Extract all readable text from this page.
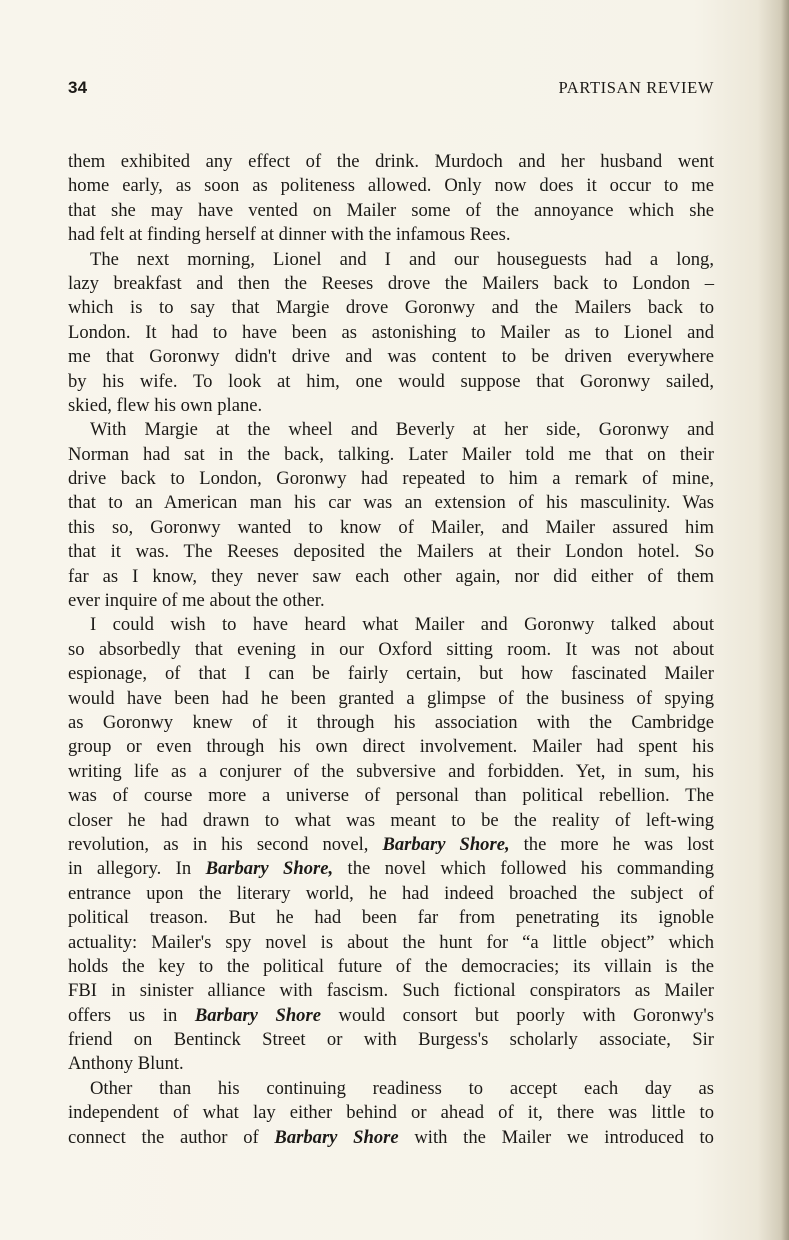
34	PARTISAN REVIEW
them exhibited any effect of the drink. Murdoch and her husband went
home early, as soon as politeness allowed. Only now does it occur to me
that she may have vented on Mailer some of the annoyance which she
had felt at finding herself at dinner with the infamous Rees.
The next morning, Lionel and I and our houseguests had a long,
lazy breakfast and then the Reeses drove the Mailers back to London –
which is to say that Margie drove Goronwy and the Mailers back to
London. It had to have been as astonishing to Mailer as to Lionel and
me that Goronwy didn't drive and was content to be driven everywhere
by his wife. To look at him, one would suppose that Goronwy sailed,
skied, flew his own plane.
With Margie at the wheel and Beverly at her side, Goronwy and
Norman had sat in the back, talking. Later Mailer told me that on their
drive back to London, Goronwy had repeated to him a remark of mine,
that to an American man his car was an extension of his masculinity. Was
this so, Goronwy wanted to know of Mailer, and Mailer assured him
that it was. The Reeses deposited the Mailers at their London hotel. So
far as I know, they never saw each other again, nor did either of them
ever inquire of me about the other.
I could wish to have heard what Mailer and Goronwy talked about
so absorbedly that evening in our Oxford sitting room. It was not about
espionage, of that I can be fairly certain, but how fascinated Mailer
would have been had he been granted a glimpse of the business of spying
as Goronwy knew of it through his association with the Cambridge
group or even through his own direct involvement. Mailer had spent his
writing life as a conjurer of the subversive and forbidden. Yet, in sum, his
was of course more a universe of personal than political rebellion. The
closer he had drawn to what was meant to be the reality of left-wing
revolution, as in his second novel, Barbary Shore, the more he was lost
in allegory. In Barbary Shore, the novel which followed his commanding
entrance upon the literary world, he had indeed broached the subject of
political treason. But he had been far from penetrating its ignoble
actuality: Mailer's spy novel is about the hunt for “a little object” which
holds the key to the political future of the democracies; its villain is the
FBI in sinister alliance with fascism. Such fictional conspirators as Mailer
offers us in Barbary Shore would consort but poorly with Goronwy's
friend on Bentinck Street or with Burgess's scholarly associate, Sir
Anthony Blunt.
Other than his continuing readiness to accept each day as
independent of what lay either behind or ahead of it, there was little to
connect the author of Barbary Shore with the Mailer we introduced to
